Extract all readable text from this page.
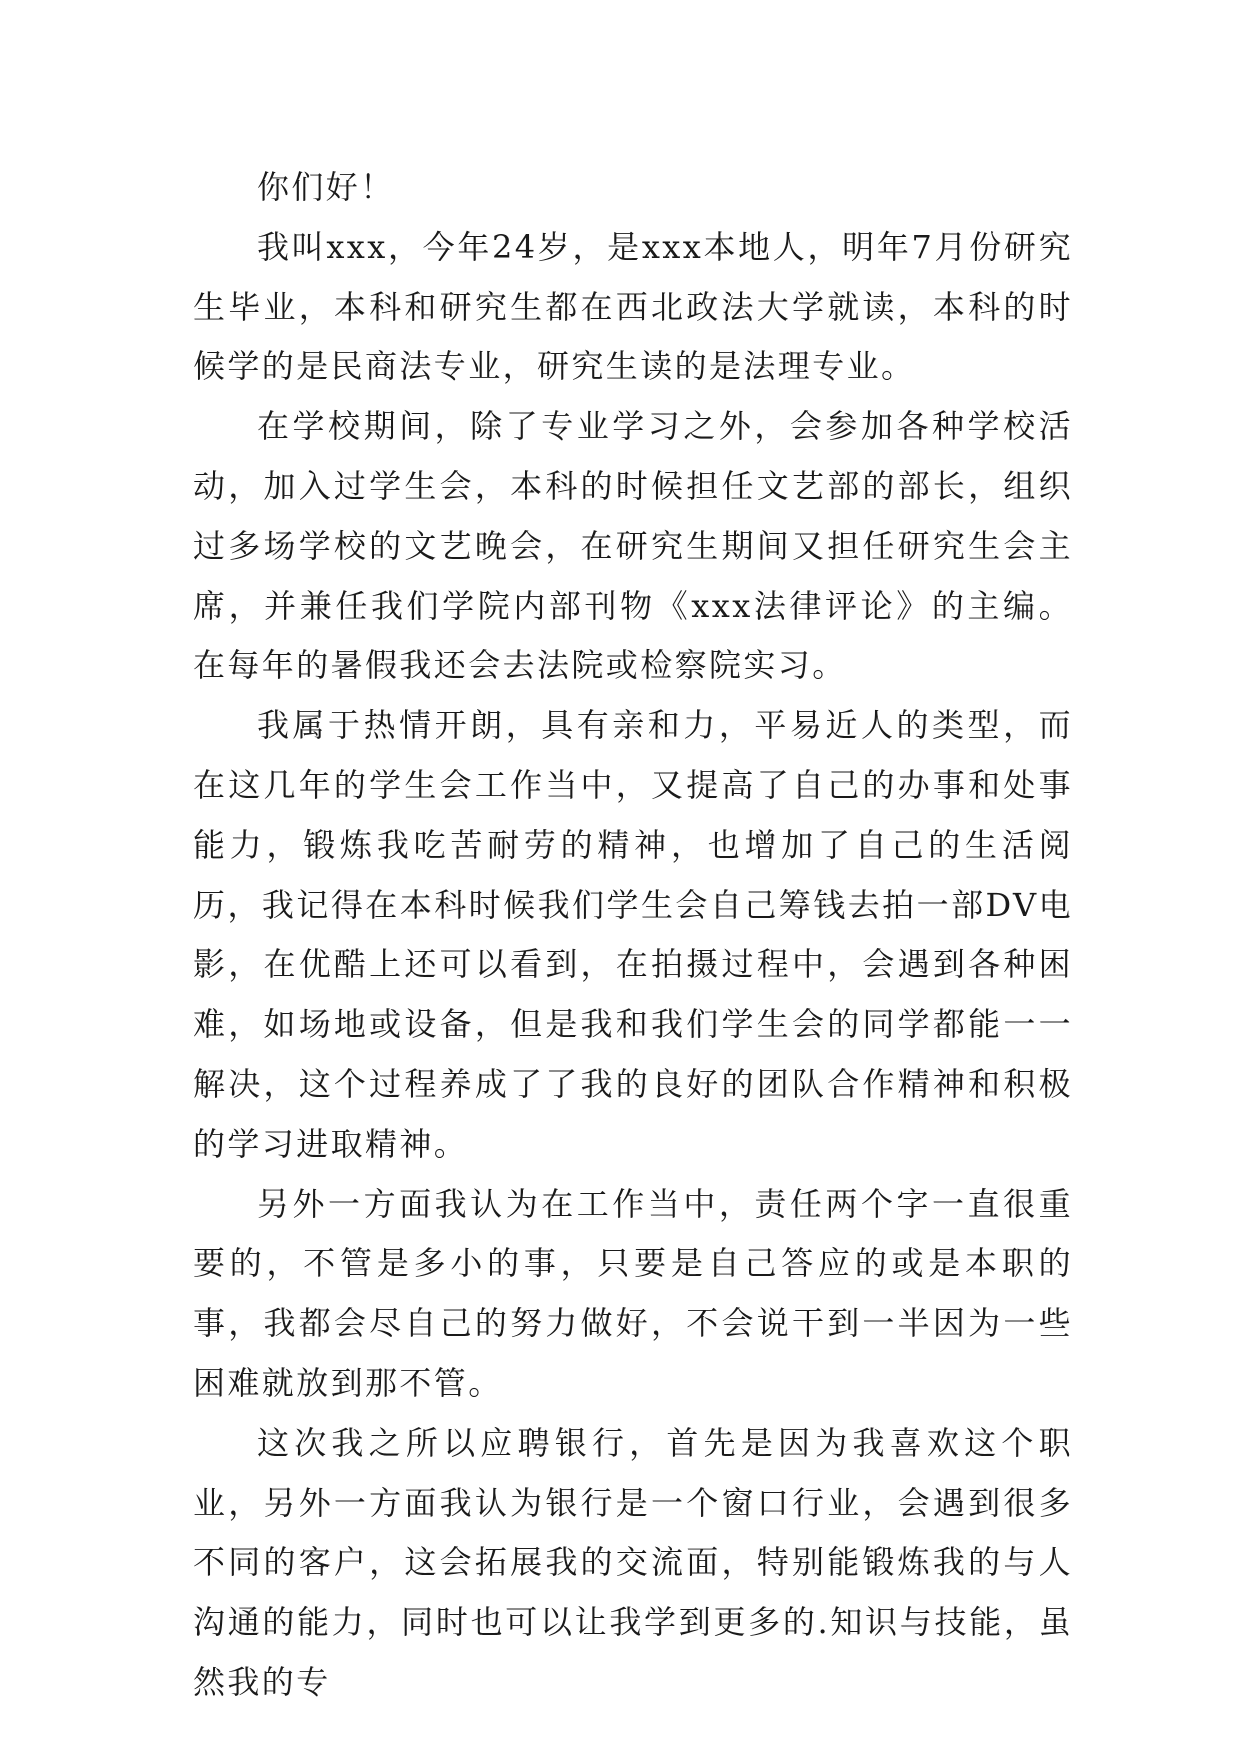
你们好！

我叫xxx，今年24岁，是xxx本地人，明年7月份研究生毕业，本科和研究生都在西北政法大学就读，本科的时候学的是民商法专业，研究生读的是法理专业。

在学校期间，除了专业学习之外，会参加各种学校活动，加入过学生会，本科的时候担任文艺部的部长，组织过多场学校的文艺晚会，在研究生期间又担任研究生会主席，并兼任我们学院内部刊物《xxx法律评论》的主编。在每年的暑假我还会去法院或检察院实习。

我属于热情开朗，具有亲和力，平易近人的类型，而在这几年的学生会工作当中，又提高了自己的办事和处事能力，锻炼我吃苦耐劳的精神，也增加了自己的生活阅历，我记得在本科时候我们学生会自己筹钱去拍一部DV电影，在优酷上还可以看到，在拍摄过程中，会遇到各种困难，如场地或设备，但是我和我们学生会的同学都能一一解决，这个过程养成了了我的良好的团队合作精神和积极的学习进取精神。

另外一方面我认为在工作当中，责任两个字一直很重要的，不管是多小的事，只要是自己答应的或是本职的事，我都会尽自己的努力做好，不会说干到一半因为一些困难就放到那不管。

这次我之所以应聘银行，首先是因为我喜欢这个职业，另外一方面我认为银行是一个窗口行业，会遇到很多不同的客户，这会拓展我的交流面，特别能锻炼我的与人沟通的能力，同时也可以让我学到更多的.知识与技能，虽然我的专
